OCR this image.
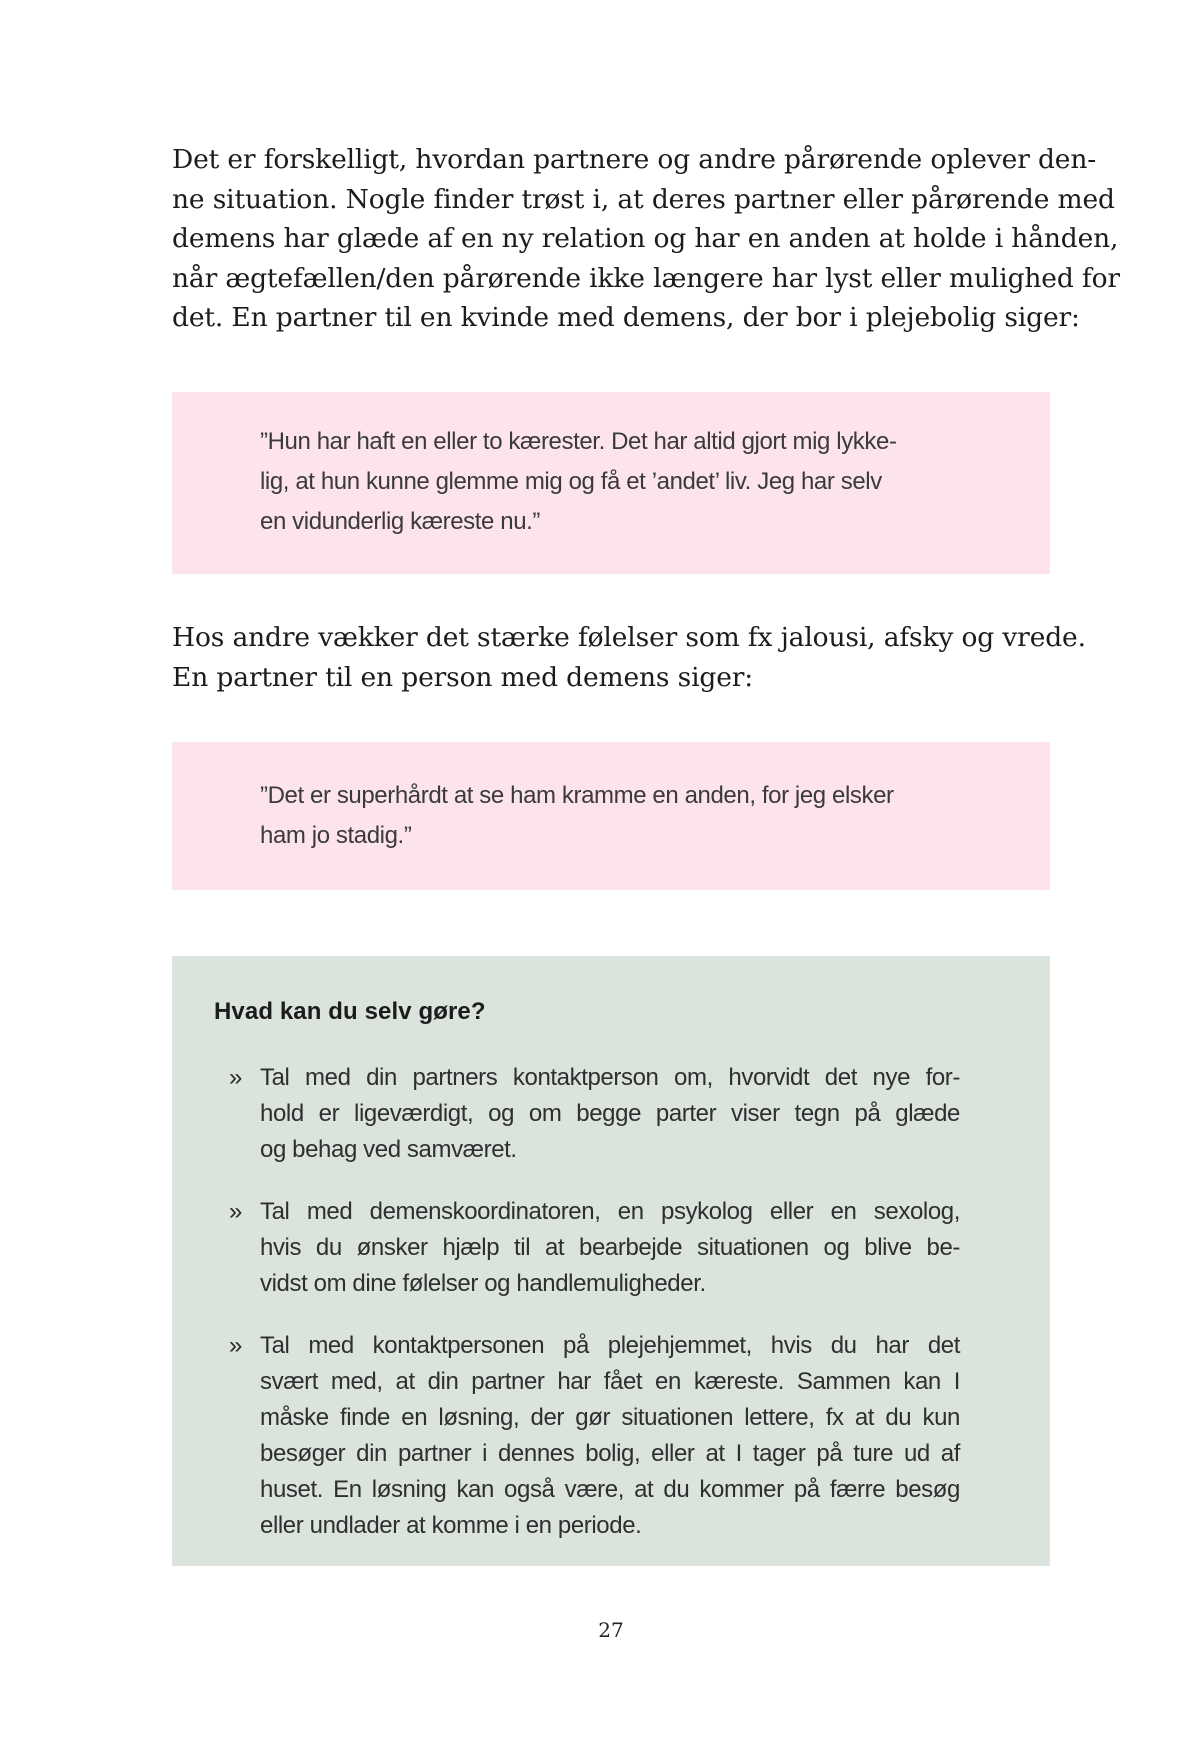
Det er forskelligt, hvordan partnere og andre pårørende oplever den-
ne situation. Nogle finder trøst i, at deres partner eller pårørende med
demens har glæde af en ny relation og har en anden at holde i hånden,
når ægtefællen/den pårørende ikke længere har lyst eller mulighed for
det. En partner til en kvinde med demens, der bor i plejebolig siger:

”Hun har haft en eller to kærester. Det har altid gjort mig lykke-
lig, at hun kunne glemme mig og få et ’andet’ liv. Jeg har selv
en vidunderlig kæreste nu.”

Hos andre vækker det stærke følelser som fx jalousi, afsky og vrede.
En partner til en person med demens siger:

”Det er superhårdt at se ham kramme en anden, for jeg elsker
ham jo stadig.”
Hvad kan du selv gøre?
» Tal med din partners kontaktperson om, hvorvidt det nye for-
hold er ligeværdigt, og om begge parter viser tegn på glæde
og behag ved samværet.
» Tal med demenskoordinatoren, en psykolog eller en sexolog,
hvis du ønsker hjælp til at bearbejde situationen og blive be-
vidst om dine følelser og handlemuligheder.
» Tal med kontaktpersonen på plejehjemmet, hvis du har det
svært med, at din partner har fået en kæreste. Sammen kan I
måske finde en løsning, der gør situationen lettere, fx at du kun
besøger din partner i dennes bolig, eller at I tager på ture ud af
huset. En løsning kan også være, at du kommer på færre besøg
eller undlader at komme i en periode.
27
